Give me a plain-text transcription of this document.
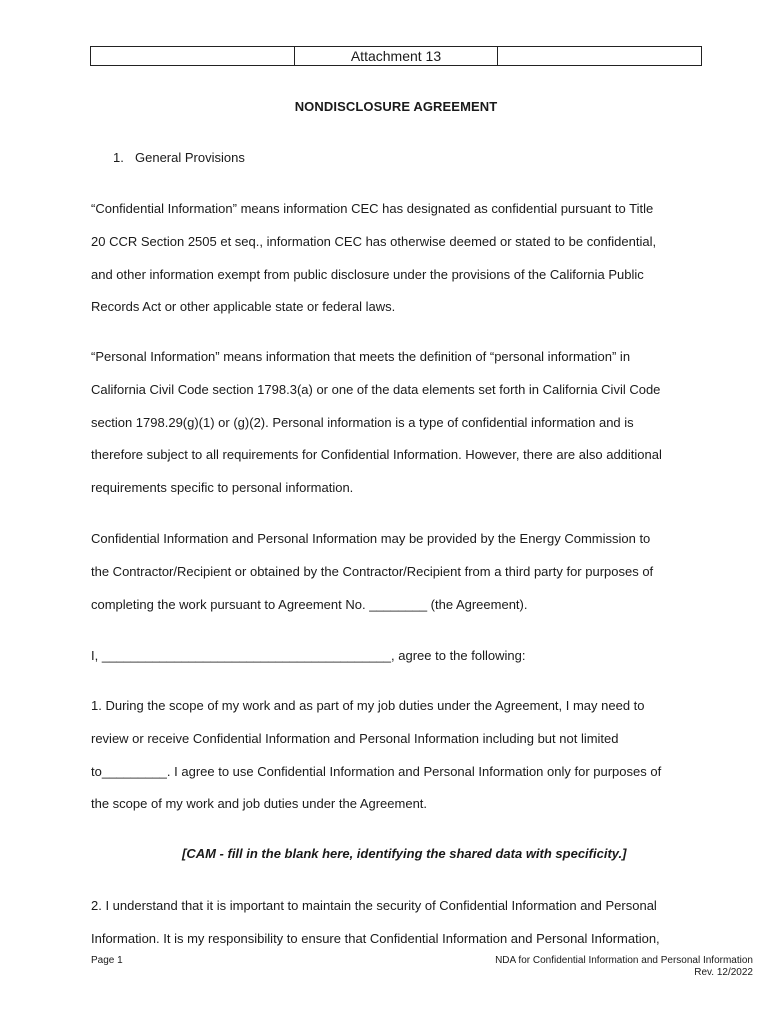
	Attachment 13	
NONDISCLOSURE AGREEMENT
1. General Provisions

“Confidential Information” means information CEC has designated as confidential pursuant to Title
20 CCR Section 2505 et seq., information CEC has otherwise deemed or stated to be confidential,
and other information exempt from public disclosure under the provisions of the California Public
Records Act or other applicable state or federal laws.

“Personal Information” means information that meets the definition of “personal information” in
California Civil Code section 1798.3(a) or one of the data elements set forth in California Civil Code
section 1798.29(g)(1) or (g)(2). Personal information is a type of confidential information and is
therefore subject to all requirements for Confidential Information. However, there are also additional
requirements specific to personal information.

Confidential Information and Personal Information may be provided by the Energy Commission to
the Contractor/Recipient or obtained by the Contractor/Recipient from a third party for purposes of
completing the work pursuant to Agreement No. ________ (the Agreement).

I, ________________________________________, agree to the following:

1. During the scope of my work and as part of my job duties under the Agreement, I may need to
review or receive Confidential Information and Personal Information including but not limited
to_________. I agree to use Confidential Information and Personal Information only for purposes of
the scope of my work and job duties under the Agreement.

[CAM - fill in the blank here, identifying the shared data with specificity.]

2. I understand that it is important to maintain the security of Confidential Information and Personal
Information. It is my responsibility to ensure that Confidential Information and Personal Information,

Page 1	NDA for Confidential Information and Personal Information
Rev. 12/2022
